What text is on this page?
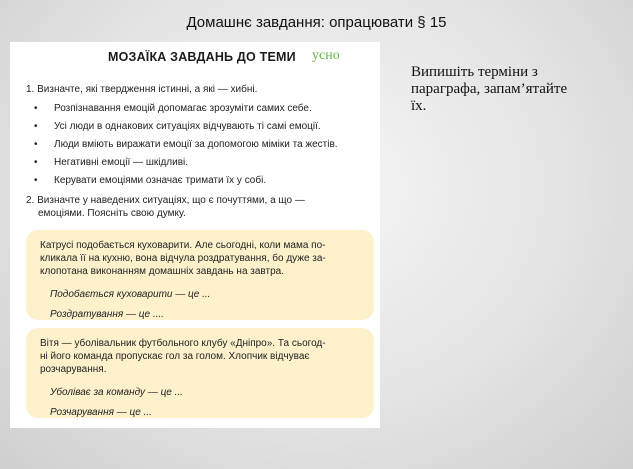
Домашнє завдання: опрацювати § 15
МОЗАЇКА ЗАВДАНЬ ДО ТЕМИ усно
1. Визначте, які твердження істинні, а які — хибні.
• Розпізнавання емоцій допомагає зрозуміти самих себе.
• Усі люди в однакових ситуаціях відчувають ті самі емоції.
• Люди вміють виражати емоції за допомогою міміки та жестів.
• Негативні емоції — шкідливі.
• Керувати емоціями означає тримати їх у собі.
2. Визначте у наведених ситуаціях, що є почуттями, а що —
емоціями. Поясніть свою думку.

Катрусі подобається куховарити. Але сьогодні, коли мама по-

кликала її на кухню, вона відчула роздратування, бо дуже за-

клопотана виконанням домашніх завдань на завтра.

Подобається куховарити — це ...

Роздратування — це ....

Вітя — уболівальник футбольного клубу «Дніпро». Та сьогод-

ні його команда пропускає гол за голом. Хлопчик відчуває

розчарування.

Уболіває за команду — це ...

Розчарування — це ...

Випишіть терміни з
параграфа, запам’ятайте
їх.
